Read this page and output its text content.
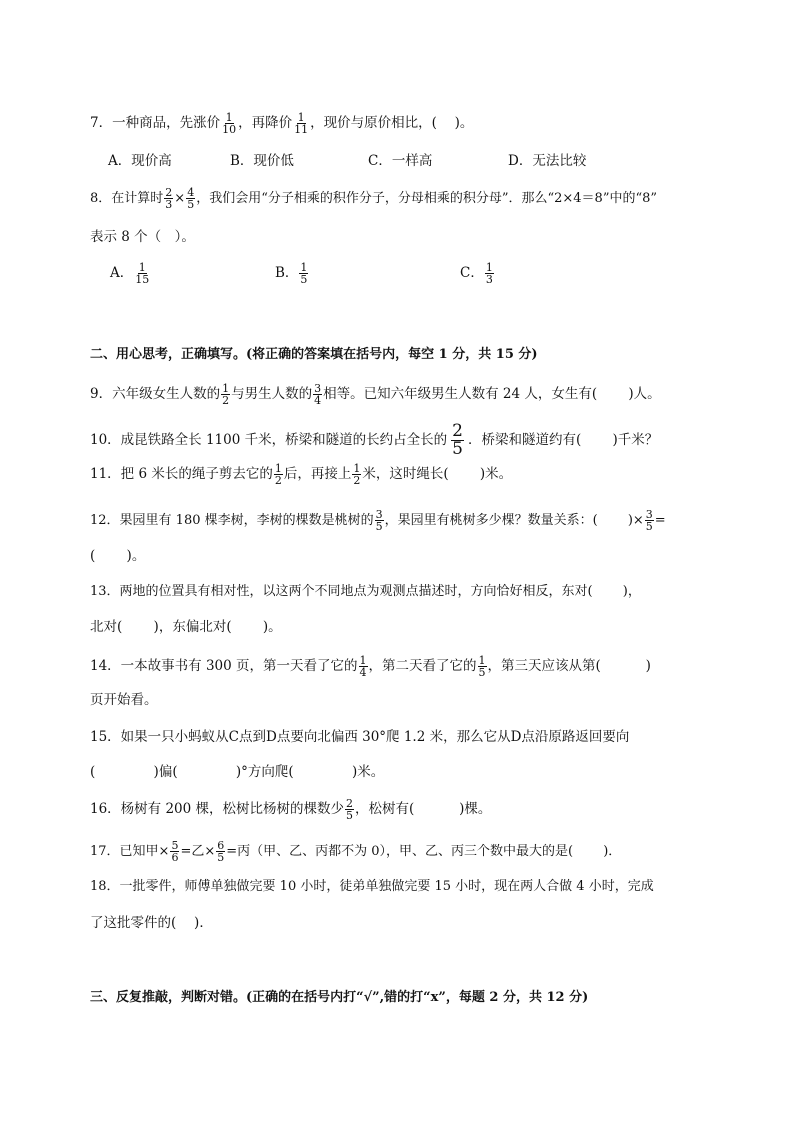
7．一种商品，先涨价 $\frac{1}{10}$ ，再降价 $\frac{1}{11}$ ，现价与原价相比，(　 )。
A．现价高	B．现价低	C．一样高	D．无法比较
8．在计算时 $\frac{2}{3} \times \frac{4}{5}$ ，我们会用“分子相乘的积作分子，分母相乘的积分母”．那么“2×4＝8”中的“8”
表示 8 个（　）。
A． $\frac{1}{15}$	B． $\frac{1}{5}$	C． $\frac{1}{3}$
二、用心思考，正确填写。(将正确的答案填在括号内，每空 1 分，共 15 分)
9．六年级女生人数的 $\frac{1}{2}$ 与男生人数的 $\frac{3}{4}$ 相等。已知六年级男生人数有 24 人，女生有(　　 )人。
10．成昆铁路全长 1100 千米，桥梁和隧道的长约占全长的 $\frac{2}{5}$ ．桥梁和隧道约有(　　 )千米？
11．把 6 米长的绳子剪去它的 $\frac{1}{2}$ 后，再接上 $\frac{1}{2}$ 米，这时绳长(　　 )米。
12．果园里有 180 棵李树，李树的棵数是桃树的 $\frac{3}{5}$ ，果园里有桃树多少棵？数量关系：(　　 )× $\frac{3}{5}$ =
(　　 )。
13．两地的位置具有相对性，以这两个不同地点为观测点描述时，方向恰好相反，东对(　　 )，
北对(　　 )，东偏北对(　　 )。
14．一本故事书有 300 页，第一天看了它的 $\frac{1}{4}$ ，第二天看了它的 $\frac{1}{5}$ ，第三天应该从第(　　　 )
页开始看。
15．如果一只小蚂蚁从C点到D点要向北偏西 30°爬 1.2 米，那么它从D点沿原路返回要向
(　　　　 )偏(　　　　 )°方向爬(　　　　 )米。
16．杨树有 200 棵，松树比杨树的棵数少 $\frac{2}{5}$ ，松树有(　　　 )棵。
17．已知甲× $\frac{5}{6}$ =乙× $\frac{6}{5}$ =丙（甲、乙、丙都不为 0），甲、乙、丙三个数中最大的是(　　 )．
18．一批零件，师傅单独做完要 10 小时，徒弟单独做完要 15 小时，现在两人合做 4 小时，完成
了这批零件的(　 )．
三、反复推敲，判断对错。(正确的在括号内打“√”,错的打“x”，每题 2 分，共 12 分)
